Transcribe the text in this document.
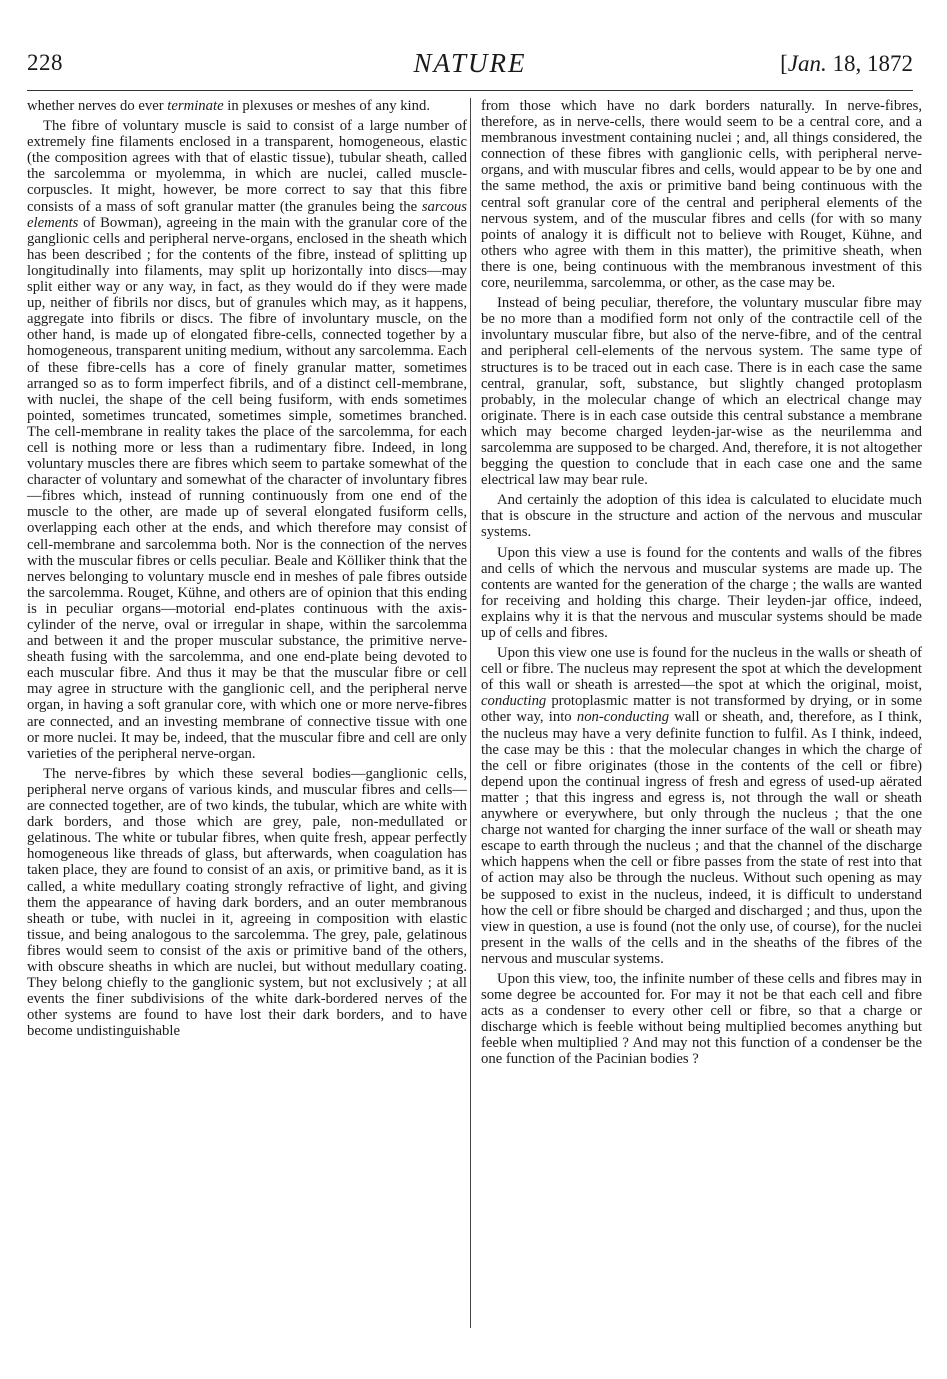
228	NATURE	[Jan. 18, 1872

whether nerves do ever terminate in plexuses or meshes of any kind.

The fibre of voluntary muscle is said to consist of a large number of extremely fine filaments enclosed in a transparent, homogeneous, elastic (the composition agrees with that of elastic tissue), tubular sheath, called the sarcolemma or myolemma, in which are nuclei, called muscle-corpuscles. It might, however, be more correct to say that this fibre consists of a mass of soft granular matter (the granules being the sarcous elements of Bowman), agreeing in the main with the granular core of the ganglionic cells and peripheral nerve-organs, enclosed in the sheath which has been described ; for the contents of the fibre, instead of splitting up longitudinally into filaments, may split up horizontally into discs—may split either way or any way, in fact, as they would do if they were made up, neither of fibrils nor discs, but of granules which may, as it happens, aggregate into fibrils or discs. The fibre of involuntary muscle, on the other hand, is made up of elongated fibre-cells, connected together by a homogeneous, transparent uniting medium, without any sarcolemma. Each of these fibre-cells has a core of finely granular matter, sometimes arranged so as to form imperfect fibrils, and of a distinct cell-membrane, with nuclei, the shape of the cell being fusiform, with ends sometimes pointed, sometimes truncated, sometimes simple, sometimes branched. The cell-membrane in reality takes the place of the sarcolemma, for each cell is nothing more or less than a rudimentary fibre. Indeed, in long voluntary muscles there are fibres which seem to partake somewhat of the character of voluntary and somewhat of the character of involuntary fibres—fibres which, instead of running continuously from one end of the muscle to the other, are made up of several elongated fusiform cells, overlapping each other at the ends, and which therefore may consist of cell-membrane and sarcolemma both. Nor is the connection of the nerves with the muscular fibres or cells peculiar. Beale and Kölliker think that the nerves belonging to voluntary muscle end in meshes of pale fibres outside the sarcolemma. Rouget, Kühne, and others are of opinion that this ending is in peculiar organs—motorial end-plates continuous with the axis-cylinder of the nerve, oval or irregular in shape, within the sarcolemma and between it and the proper muscular substance, the primitive nerve-sheath fusing with the sarcolemma, and one end-plate being devoted to each muscular fibre. And thus it may be that the muscular fibre or cell may agree in structure with the ganglionic cell, and the peripheral nerve organ, in having a soft granular core, with which one or more nerve-fibres are connected, and an investing membrane of connective tissue with one or more nuclei. It may be, indeed, that the muscular fibre and cell are only varieties of the peripheral nerve-organ.

The nerve-fibres by which these several bodies—ganglionic cells, peripheral nerve organs of various kinds, and muscular fibres and cells—are connected together, are of two kinds, the tubular, which are white with dark borders, and those which are grey, pale, non-medullated or gelatinous. The white or tubular fibres, when quite fresh, appear perfectly homogeneous like threads of glass, but afterwards, when coagulation has taken place, they are found to consist of an axis, or primitive band, as it is called, a white medullary coating strongly refractive of light, and giving them the appearance of having dark borders, and an outer membranous sheath or tube, with nuclei in it, agreeing in composition with elastic tissue, and being analogous to the sarcolemma. The grey, pale, gelatinous fibres would seem to consist of the axis or primitive band of the others, with obscure sheaths in which are nuclei, but without medullary coating. They belong chiefly to the ganglionic system, but not exclusively ; at all events the finer subdivisions of the white dark-bordered nerves of the other systems are found to have lost their dark borders, and to have become undistinguishable

from those which have no dark borders naturally. In nerve-fibres, therefore, as in nerve-cells, there would seem to be a central core, and a membranous investment containing nuclei ; and, all things considered, the connection of these fibres with ganglionic cells, with peripheral nerve-organs, and with muscular fibres and cells, would appear to be by one and the same method, the axis or primitive band being continuous with the central soft granular core of the central and peripheral elements of the nervous system, and of the muscular fibres and cells (for with so many points of analogy it is difficult not to believe with Rouget, Kühne, and others who agree with them in this matter), the primitive sheath, when there is one, being continuous with the membranous investment of this core, neurilemma, sarcolemma, or other, as the case may be.

Instead of being peculiar, therefore, the voluntary muscular fibre may be no more than a modified form not only of the contractile cell of the involuntary muscular fibre, but also of the nerve-fibre, and of the central and peripheral cell-elements of the nervous system. The same type of structures is to be traced out in each case. There is in each case the same central, granular, soft, substance, but slightly changed protoplasm probably, in the molecular change of which an electrical change may originate. There is in each case outside this central substance a membrane which may become charged leyden-jar-wise as the neurilemma and sarcolemma are supposed to be charged. And, therefore, it is not altogether begging the question to conclude that in each case one and the same electrical law may bear rule.

And certainly the adoption of this idea is calculated to elucidate much that is obscure in the structure and action of the nervous and muscular systems.

Upon this view a use is found for the contents and walls of the fibres and cells of which the nervous and muscular systems are made up. The contents are wanted for the generation of the charge ; the walls are wanted for receiving and holding this charge. Their leyden-jar office, indeed, explains why it is that the nervous and muscular systems should be made up of cells and fibres.

Upon this view one use is found for the nucleus in the walls or sheath of cell or fibre. The nucleus may represent the spot at which the development of this wall or sheath is arrested—the spot at which the original, moist, conducting protoplasmic matter is not transformed by drying, or in some other way, into non-conducting wall or sheath, and, therefore, as I think, the nucleus may have a very definite function to fulfil. As I think, indeed, the case may be this : that the molecular changes in which the charge of the cell or fibre originates (those in the contents of the cell or fibre) depend upon the continual ingress of fresh and egress of used-up aërated matter ; that this ingress and egress is, not through the wall or sheath anywhere or everywhere, but only through the nucleus ; that the one charge not wanted for charging the inner surface of the wall or sheath may escape to earth through the nucleus ; and that the channel of the discharge which happens when the cell or fibre passes from the state of rest into that of action may also be through the nucleus. Without such opening as may be supposed to exist in the nucleus, indeed, it is difficult to understand how the cell or fibre should be charged and discharged ; and thus, upon the view in question, a use is found (not the only use, of course), for the nuclei present in the walls of the cells and in the sheaths of the fibres of the nervous and muscular systems.

Upon this view, too, the infinite number of these cells and fibres may in some degree be accounted for. For may it not be that each cell and fibre acts as a condenser to every other cell or fibre, so that a charge or discharge which is feeble without being multiplied becomes anything but feeble when multiplied ? And may not this function of a condenser be the one function of the Pacinian bodies ?
